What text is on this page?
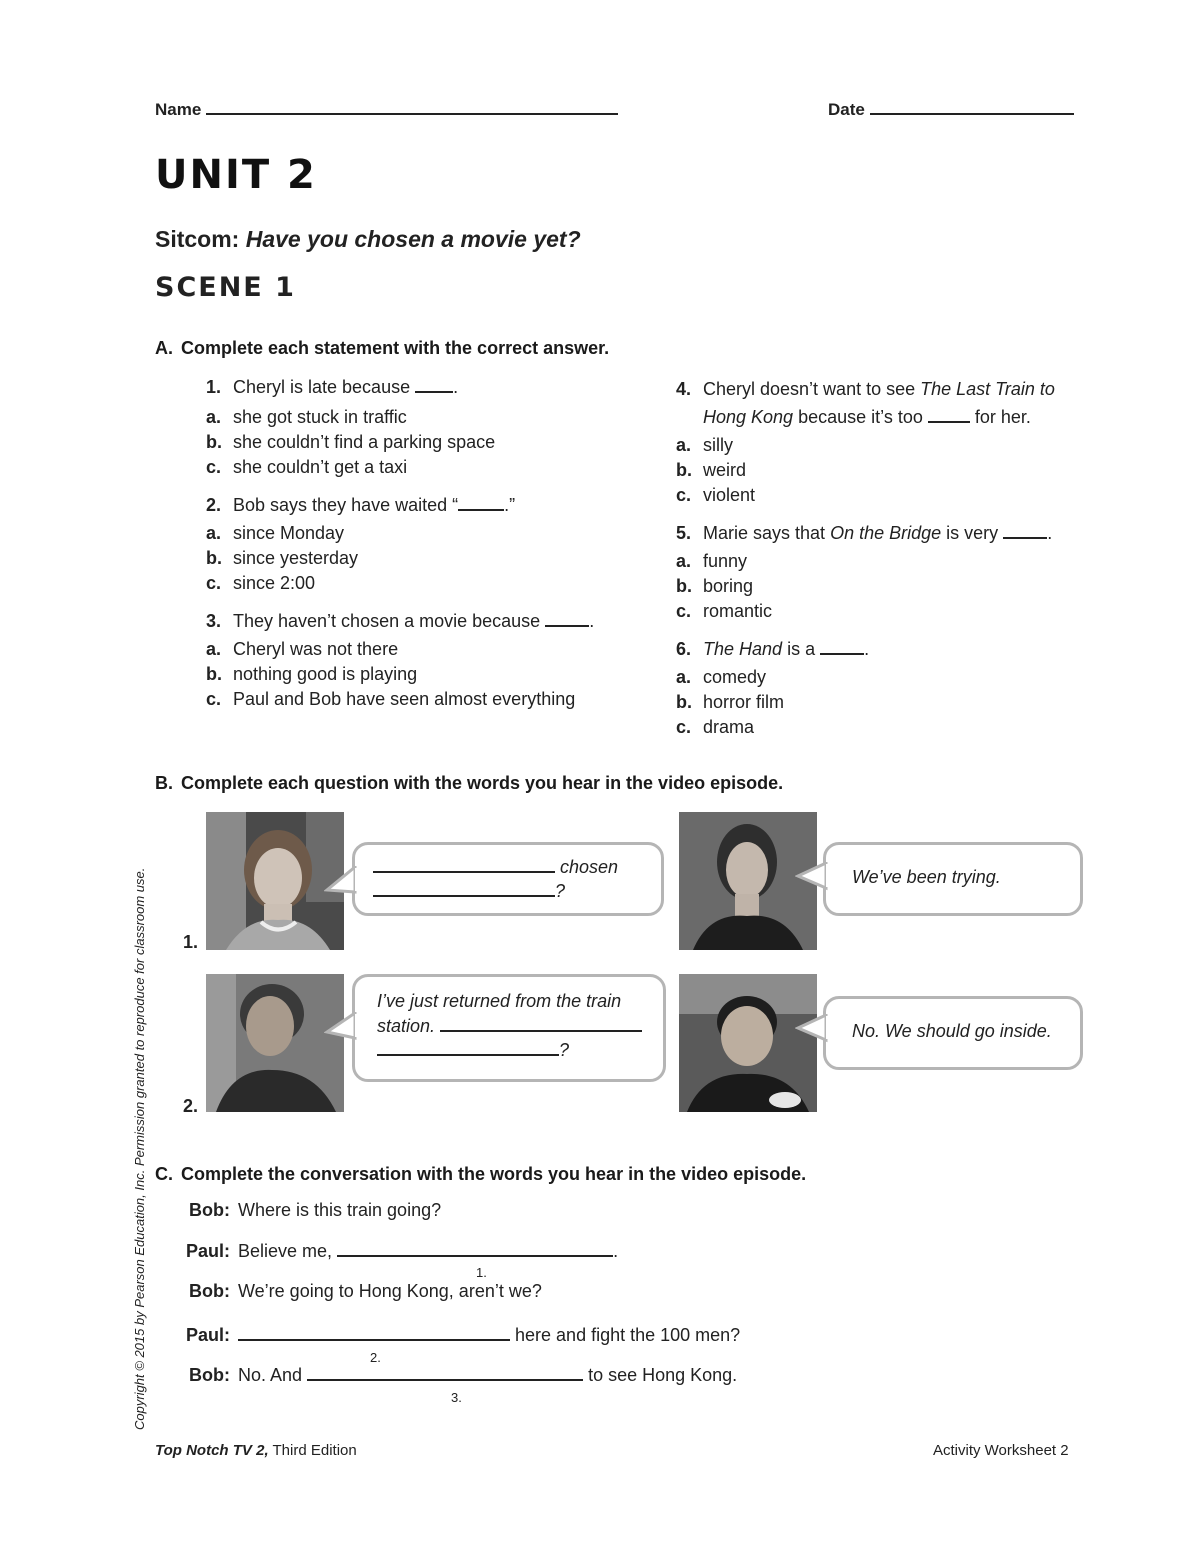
Name	Date
UNIT 2
Sitcom: Have you chosen a movie yet?
SCENE 1
A. Complete each statement with the correct answer.
1. Cheryl is late because .
a. she got stuck in traffic
b. she couldn’t find a parking space
c. she couldn’t get a taxi
2. Bob says they have waited “	.”
a. since Monday
b. since yesterday
c. since 2:00
3. They haven’t chosen a movie because	.
a. Cheryl was not there
b. nothing good is playing
c. Paul and Bob have seen almost everything
4. Cheryl doesn’t want to see The Last Train to Hong Kong because it’s too	for her.
a. silly
b. weird
c. violent
5. Marie says that On the Bridge is very	.
a. funny
b. boring
c. romantic
6. The Hand is a	.
a. comedy
b. horror film
c. drama
B. Complete each question with the words you hear in the video episode.
1.
chosen
?
We’ve been trying.
2.
I’ve just returned from the train
station.
?
No. We should go inside.
C. Complete the conversation with the words you hear in the video episode.
Bob: Where is this train going?
Paul: Believe me,	.
1.
Bob: We’re going to Hong Kong, aren’t we?
Paul:	here and fight the 100 men?
2.
Bob: No. And	to see Hong Kong.
3.
Copyright © 2015 by Pearson Education, Inc. Permission granted to reproduce for classroom use.
Top Notch TV 2, Third Edition	Activity Worksheet 2
